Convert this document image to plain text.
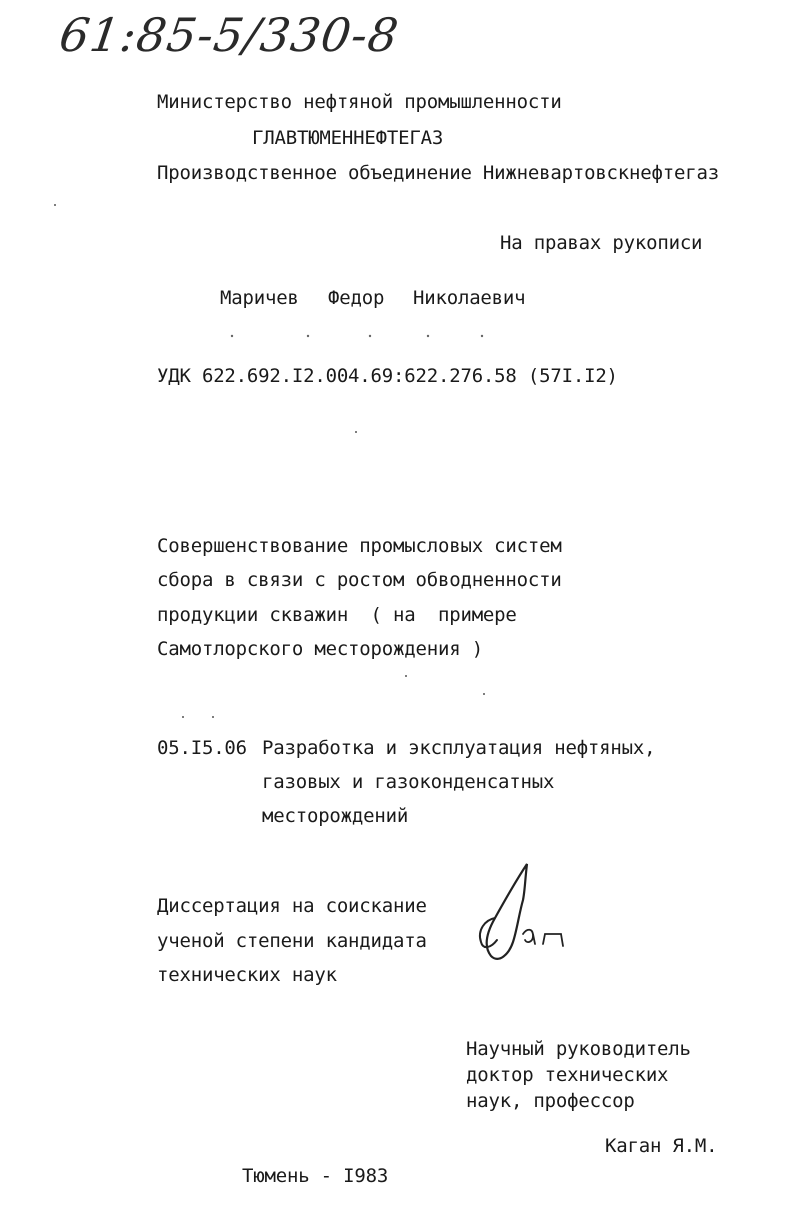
61:85-5/330-8
Министерство нефтяной промышленности
ГЛАВТЮМЕННЕФТЕГАЗ
Производственное объединение Нижневартовскнефтегаз
На правах рукописи
Маричев Федор Николаевич
УДК 622.692.I2.004.69:622.276.58 (57I.I2)
Совершенствование промысловых систем
сбора в связи с ростом обводненности
продукции скважин  ( на  примере
Самотлорского месторождения )
05.I5.06 Разработка и эксплуатация нефтяных,
газовых и газоконденсатных
месторождений
Диссертация на соискание
ученой степени кандидата
технических наук
Научный руководитель
доктор технических
наук, профессор
Каган Я.М.
Тюмень - I983
